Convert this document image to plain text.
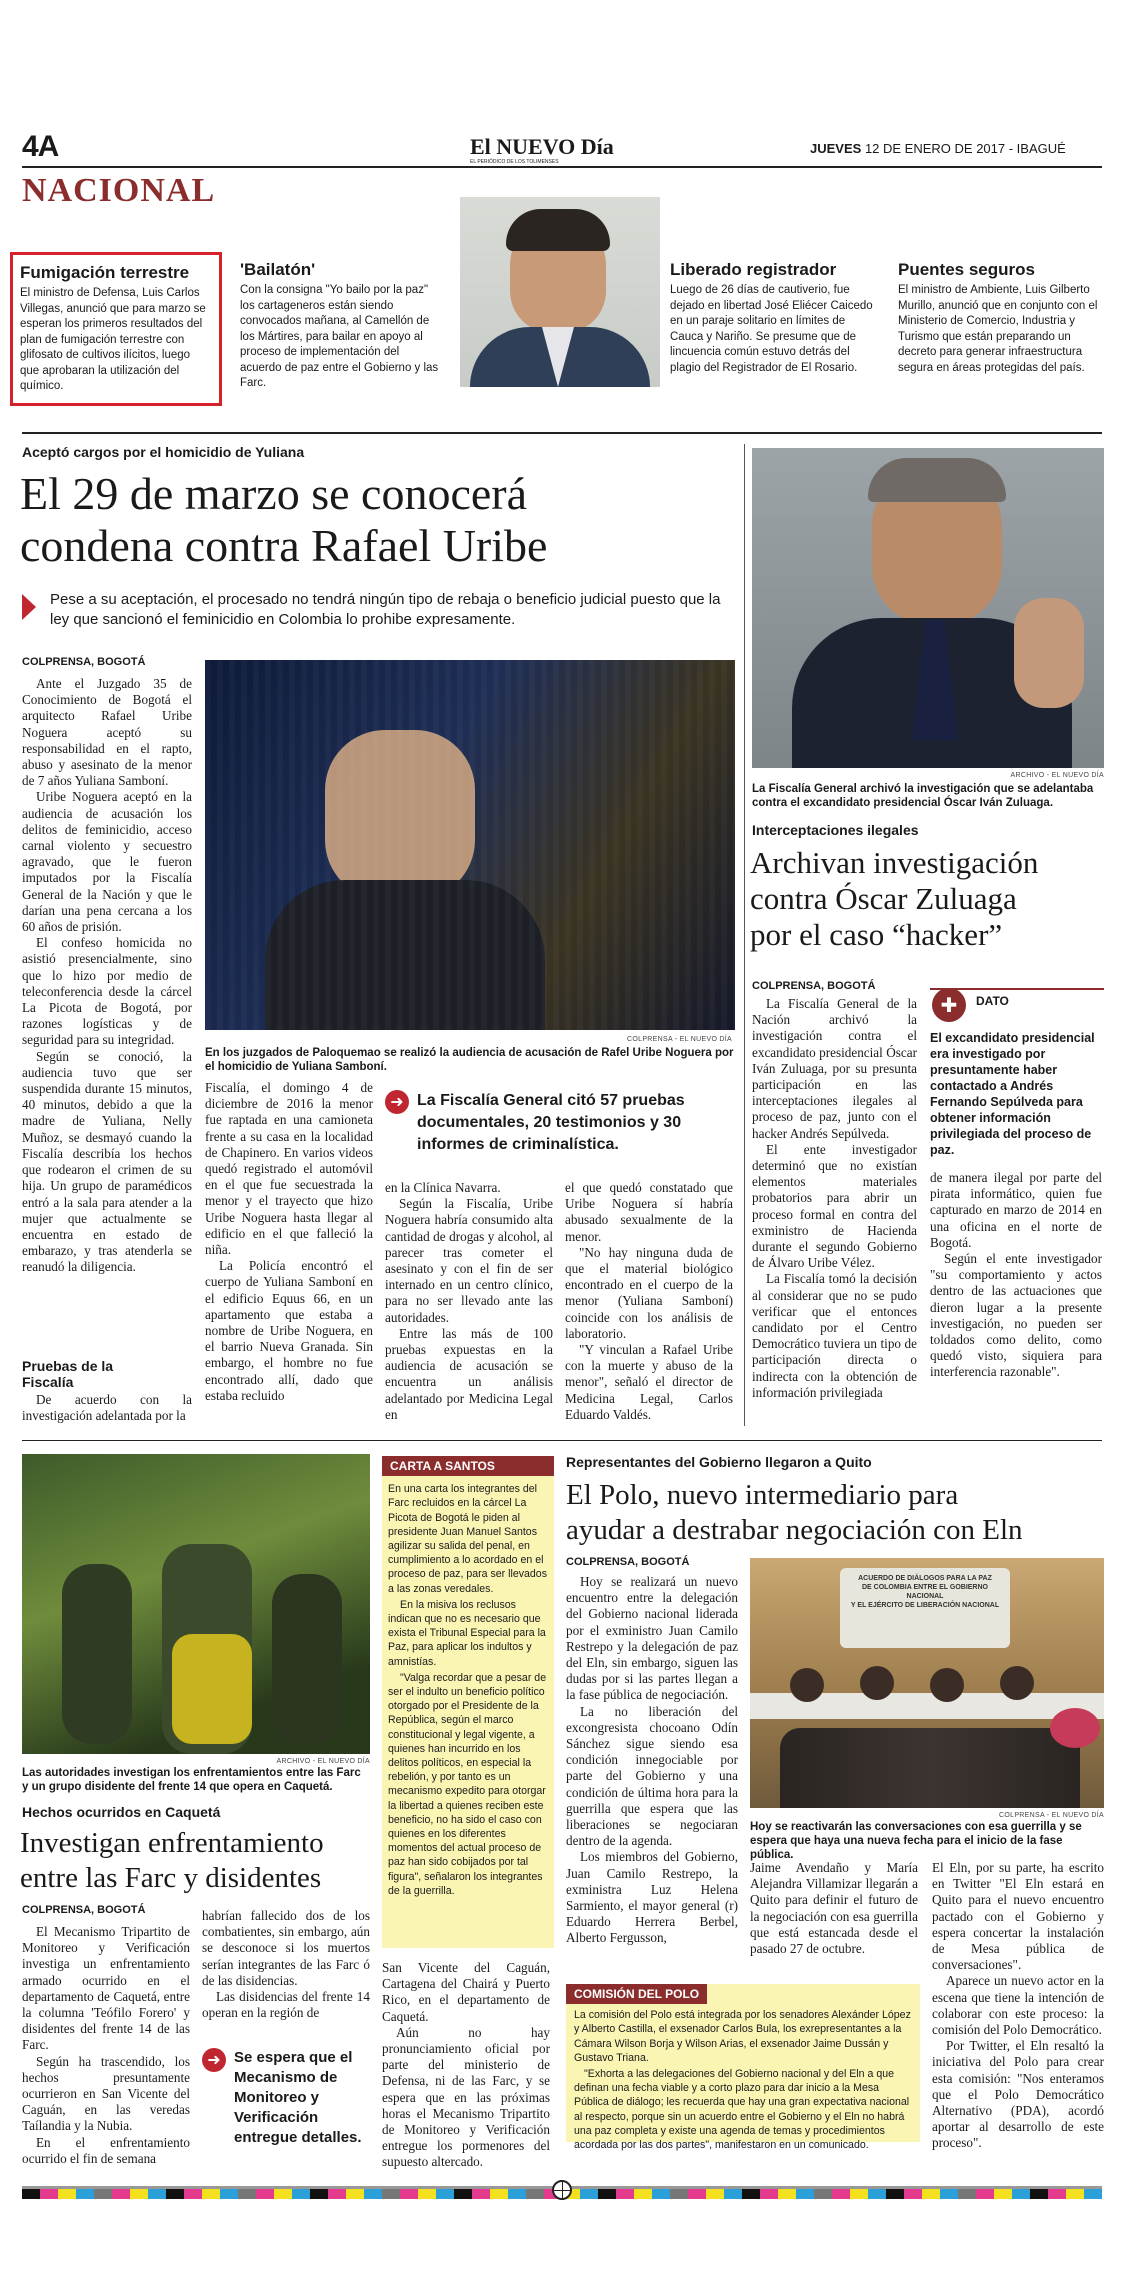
4A	El NUEVO Día
EL PERIÓDICO DE LOS TOLIMENSES
JUEVES 12 DE ENERO DE 2017 - IBAGUÉ
NACIONAL
Fumigación terrestre
El ministro de Defensa, Luis Carlos Villegas, anunció que para marzo se esperan los primeros resultados del plan de fumigación terrestre con glifosato de cultivos ilícitos, luego que aprobaran la utilización del químico.
'Bailatón'
Con la consigna "Yo bailo por la paz" los cartageneros están siendo convocados mañana, al Camellón de los Mártires, para bailar en apoyo al proceso de implementación del acuerdo de paz entre el Gobierno y las Farc.
Liberado registrador
Luego de 26 días de cautiverio, fue dejado en libertad José Eliécer Caicedo en un paraje solitario en límites de Cauca y Nariño. Se presume que de lincuencia común estuvo detrás del plagio del Registrador de El Rosario.
Puentes seguros
El ministro de Ambiente, Luis Gilberto Murillo, anunció que en conjunto con el Ministerio de Comercio, Industria y Turismo que están preparando un decreto para generar infraestructura segura en áreas protegidas del país.
Aceptó cargos por el homicidio de Yuliana
El 29 de marzo se conocerá
condena contra Rafael Uribe
Pese a su aceptación, el procesado no tendrá ningún tipo de rebaja o beneficio judicial puesto que la ley que sancionó el feminicidio en Colombia lo prohibe expresamente.
COLPRENSA, BOGOTÁ

Ante el Juzgado 35 de Conocimiento de Bogotá el arquitecto Rafael Uribe Noguera aceptó su responsabilidad en el rapto, abuso y asesinato de la menor de 7 años Yuliana Samboní.

Uribe Noguera aceptó en la audiencia de acusación los delitos de feminicidio, acceso carnal violento y secuestro agravado, que le fueron imputados por la Fiscalía General de la Nación y que le darían una pena cercana a los 60 años de prisión.

El confeso homicida no asistió presencialmente, sino que lo hizo por medio de teleconferencia desde la cárcel La Picota de Bogotá, por razones logísticas y de seguridad para su integridad.

Según se conoció, la audiencia tuvo que ser suspendida durante 15 minutos, 40 minutos, debido a que la madre de Yuliana, Nelly Muñoz, se desmayó cuando la Fiscalía describía los hechos que rodearon el crimen de su hija. Un grupo de paramédicos entró a la sala para atender a la mujer que actualmente se encuentra en estado de embarazo, y tras atenderla se reanudó la diligencia.

Pruebas de la Fiscalía

De acuerdo con la investigación adelantada por la

COLPRENSA - EL NUEVO DÍA
En los juzgados de Paloquemao se realizó la audiencia de acusación de Rafel Uribe Noguera por el homicidio de Yuliana Samboní.

Fiscalía, el domingo 4 de diciembre de 2016 la menor fue raptada en una camioneta frente a su casa en la localidad de Chapinero. En varios videos quedó registrado el automóvil en el que fue secuestrada la menor y el trayecto que hizo Uribe Noguera hasta llegar al edificio en el que falleció la niña.

La Policía encontró el cuerpo de Yuliana Samboní en el edificio Equus 66, en un apartamento que estaba a nombre de Uribe Noguera, en el barrio Nueva Granada. Sin embargo, el hombre no fue encontrado allí, dado que estaba recluido

➜ La Fiscalía General citó 57 pruebas documentales, 20 testimonios y 30 informes de criminalística.

en la Clínica Navarra.

Según la Fiscalía, Uribe Noguera habría consumido alta cantidad de drogas y alcohol, al parecer tras cometer el asesinato y con el fin de ser internado en un centro clínico, para no ser llevado ante las autoridades.

Entre las más de 100 pruebas expuestas en la audiencia de acusación se encuentra un análisis adelantado por Medicina Legal en

el que quedó constatado que Uribe Noguera sí habría abusado sexualmente de la menor.

"No hay ninguna duda de que el material biológico encontrado en el cuerpo de la menor (Yuliana Samboní) coincide con los análisis de laboratorio.

"Y vinculan a Rafael Uribe con la muerte y abuso de la menor", señaló el director de Medicina Legal, Carlos Eduardo Valdés.

ARCHIVO - EL NUEVO DÍA
La Fiscalía General archivó la investigación que se adelantaba contra el excandidato presidencial Óscar Iván Zuluaga.
Interceptaciones ilegales
Archivan investigación
contra Óscar Zuluaga
por el caso “hacker”
COLPRENSA, BOGOTÁ

La Fiscalía General de la Nación archivó la investigación contra el excandidato presidencial Óscar Iván Zuluaga, por su presunta participación en las interceptaciones ilegales al proceso de paz, junto con el hacker Andrés Sepúlveda.

El ente investigador determinó que no existían elementos materiales probatorios para abrir un proceso formal en contra del exministro de Hacienda durante el segundo Gobierno de Álvaro Uribe Vélez.

La Fiscalía tomó la decisión al considerar que no se pudo verificar que el entonces candidato por el Centro Democrático tuviera un tipo de participación directa o indirecta con la obtención de información privilegiada

✚	DATO
El excandidato presidencial era investigado por presuntamente haber contactado a Andrés Fernando Sepúlveda para obtener información privilegiada del proceso de paz.

de manera ilegal por parte del pirata informático, quien fue capturado en marzo de 2014 en una oficina en el norte de Bogotá.

Según el ente investigador "su comportamiento y actos dentro de las actuaciones que dieron lugar a la presente investigación, no pueden ser toldados como delito, como quedó visto, siquiera para interferencia razonable".

ARCHIVO - EL NUEVO DÍA
Las autoridades investigan los enfrentamientos entre las Farc y un grupo disidente del frente 14 que opera en Caquetá.
Hechos ocurridos en Caquetá
Investigan enfrentamiento
entre las Farc y disidentes
COLPRENSA, BOGOTÁ

El Mecanismo Tripartito de Monitoreo y Verificación investiga un enfrentamiento armado ocurrido en el departamento de Caquetá, entre la columna 'Teófilo Forero' y disidentes del frente 14 de las Farc.

Según ha trascendido, los hechos presuntamente ocurrieron en San Vicente del Caguán, en las veredas Taílandia y la Nubia.

En el enfrentamiento ocurrido el fin de semana

habrían fallecido dos de los combatientes, sin embargo, aún se desconoce si los muertos serían integrantes de las Farc ó de las disidencias.

Las disidencias del frente 14 operan en la región de

➜ Se espera que el Mecanismo de Monitoreo y Verificación entregue detalles.

San Vicente del Caguán, Cartagena del Chairá y Puerto Rico, en el departamento de Caquetá.

Aún no hay pronunciamiento oficial por parte del ministerio de Defensa, ni de las Farc, y se espera que en las próximas horas el Mecanismo Tripartito de Monitoreo y Verificación entregue los pormenores del supuesto altercado.

CARTA A SANTOS

En una carta los integrantes del Farc recluidos en la cárcel La Picota de Bogotá le piden al presidente Juan Manuel Santos agilizar su salida del penal, en cumplimiento a lo acordado en el proceso de paz, para ser llevados a las zonas veredales.

En la misiva los reclusos indican que no es necesario que exista el Tribunal Especial para la Paz, para aplicar los indultos y amnistías.

"Valga recordar que a pesar de ser el indulto un beneficio político otorgado por el Presidente de la República, según el marco constitucional y legal vigente, a quienes han incurrido en los delitos políticos, en especial la rebelión, y por tanto es un mecanismo expedito para otorgar la libertad a quienes reciben este beneficio, no ha sido el caso con quienes en los diferentes momentos del actual proceso de paz han sido cobijados por tal figura", señalaron los integrantes de la guerrilla.

Representantes del Gobierno llegaron a Quito
El Polo, nuevo intermediario para
ayudar a destrabar negociación con Eln
COLPRENSA, BOGOTÁ

Hoy se realizará un nuevo encuentro entre la delegación del Gobierno nacional liderada por el exministro Juan Camilo Restrepo y la delegación de paz del Eln, sin embargo, siguen las dudas por si las partes llegan a la fase pública de negociación.

La no liberación del excongresista chocoano Odín Sánchez sigue siendo esa condición innegociable por parte del Gobierno y una condición de última hora para la guerrilla que espera que las liberaciones se negociaran dentro de la agenda.

Los miembros del Gobierno, Juan Camilo Restrepo, la exministra Luz Helena Sarmiento, el mayor general (r) Eduardo Herrera Berbel, Alberto Fergusson,

ACUERDO DE DIÁLOGOS PARA LA PAZ
DE COLOMBIA ENTRE EL GOBIERNO NACIONAL
Y EL EJÉRCITO DE LIBERACIÓN NACIONAL
COLPRENSA - EL NUEVO DÍA
Hoy se reactivarán las conversaciones con esa guerrilla y se espera que haya una nueva fecha para el inicio de la fase pública.

Jaime Avendaño y María Alejandra Villamizar llegarán a Quito para definir el futuro de la negociación con esa guerrilla que está estancada desde el pasado 27 de octubre.

El Eln, por su parte, ha escrito en Twitter "El Eln estará en Quito para el nuevo encuentro pactado con el Gobierno y espera concertar la instalación de Mesa pública de conversaciones".

Aparece un nuevo actor en la escena que tiene la intención de colaborar con este proceso: la comisión del Polo Democrático.

Por Twitter, el Eln resaltó la iniciativa del Polo para crear esta comisión: "Nos enteramos que el Polo Democrático Alternativo (PDA), acordó aportar al desarrollo de este proceso".

COMISIÓN DEL POLO

La comisión del Polo está integrada por los senadores Alexánder López y Alberto Castilla, el exsenador Carlos Bula, los exrepresentantes a la Cámara Wilson Borja y Wilson Arias, el exsenador Jaime Dussán y Gustavo Triana.

"Exhorta a las delegaciones del Gobierno nacional y del Eln a que definan una fecha viable y a corto plazo para dar inicio a la Mesa Pública de diálogo; les recuerda que hay una gran expectativa nacional al respecto, porque sin un acuerdo entre el Gobierno y el Eln no habrá una paz completa y existe una agenda de temas y procedimientos acordada por las dos partes", manifestaron en un comunicado.
